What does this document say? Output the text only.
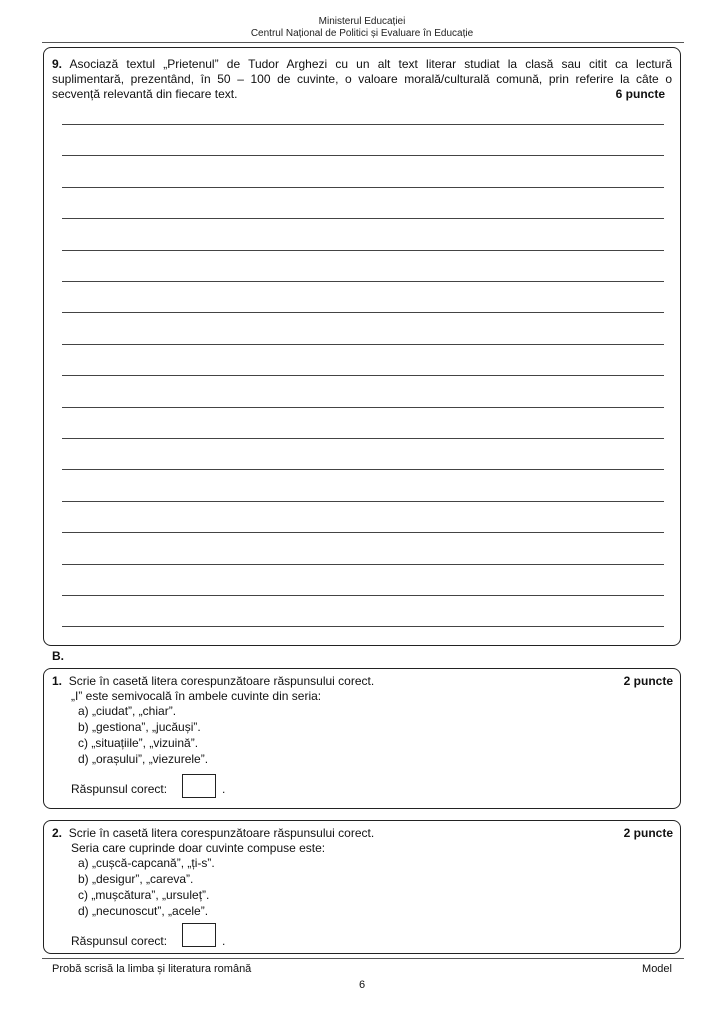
Ministerul Educației
Centrul Național de Politici și Evaluare în Educație
9. Asociază textul „Prietenul” de Tudor Arghezi cu un alt text literar studiat la clasă sau citit ca lectură
suplimentară, prezentând, în 50 – 100 de cuvinte, o valoare morală/culturală comună, prin referire la câte o
secvență relevantă din fiecare text.	6 puncte
B.
1. Scrie în casetă litera corespunzătoare răspunsului corect.	2 puncte
„I” este semivocală în ambele cuvinte din seria:
a) „ciudat”, „chiar”.
b) „gestiona”, „jucăuși”.
c) „situațiile”, „vizuină”.
d) „orașului”, „viezurele”.
Răspunsul corect:	.
2. Scrie în casetă litera corespunzătoare răspunsului corect.	2 puncte
Seria care cuprinde doar cuvinte compuse este:
a) „cușcă-capcană”, „ți-s”.
b) „desigur”, „careva”.
c) „mușcătura”, „ursuleț”.
d) „necunoscut”, „acele”.
Răspunsul corect:	.
Probă scrisă la limba și literatura română	Model
6
